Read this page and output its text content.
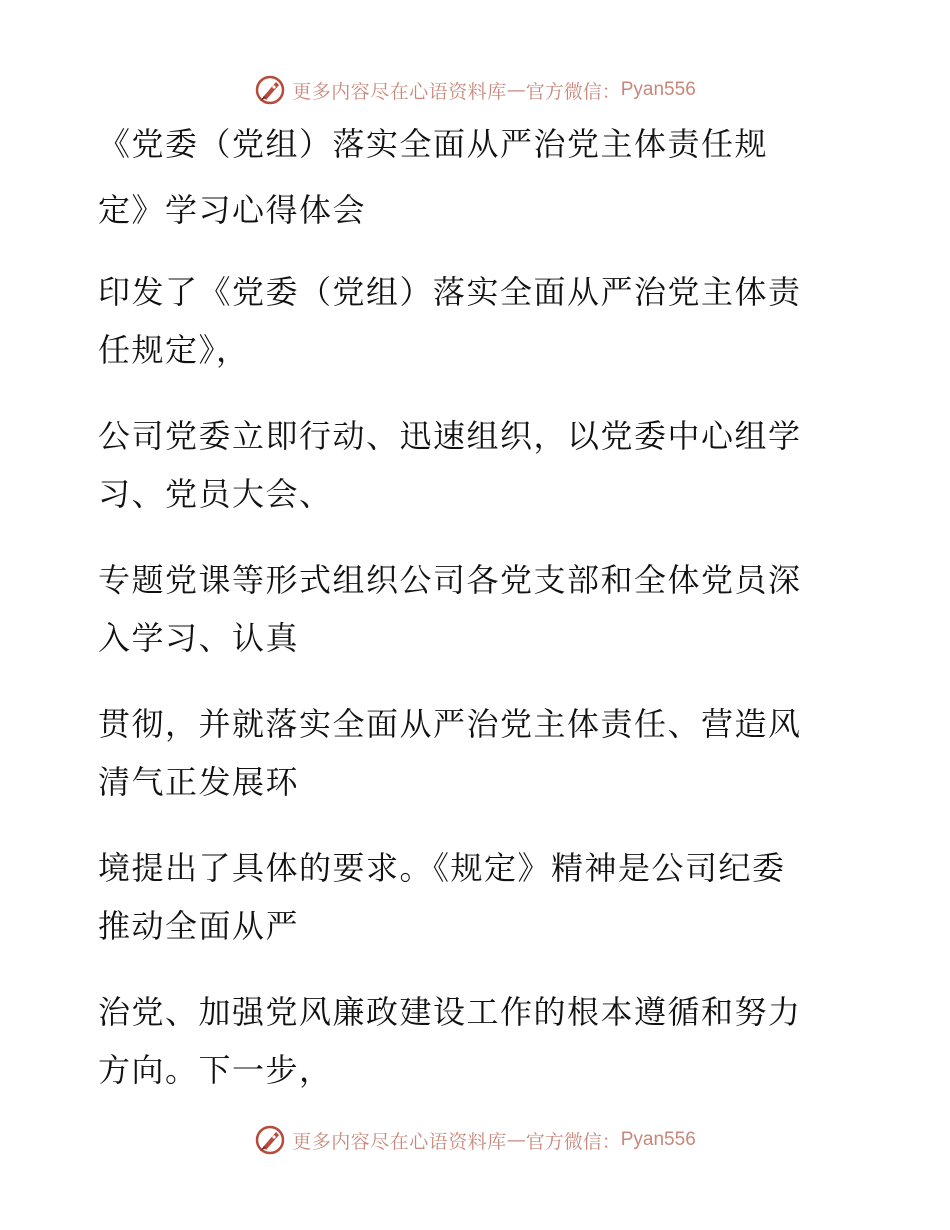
更多内容尽在心语资料库 — 官方微信： Pyan556
《党委（党组）落实全面从严治党主体责任规
定》学习心得体会
印发了《党委（党组）落实全面从严治党主体责
任规定》，
公司党委立即行动、迅速组织，以党委中心组学
习、党员大会、
专题党课等形式组织公司各党支部和全体党员深
入学习、认真
贯彻，并就落实全面从严治党主体责任、营造风
清气正发展环
境提出了具体的要求。《规定》精神是公司纪委
推动全面从严
治党、加强党风廉政建设工作的根本遵循和努力
方向。下一步，
更多内容尽在心语资料库 — 官方微信： Pyan556
